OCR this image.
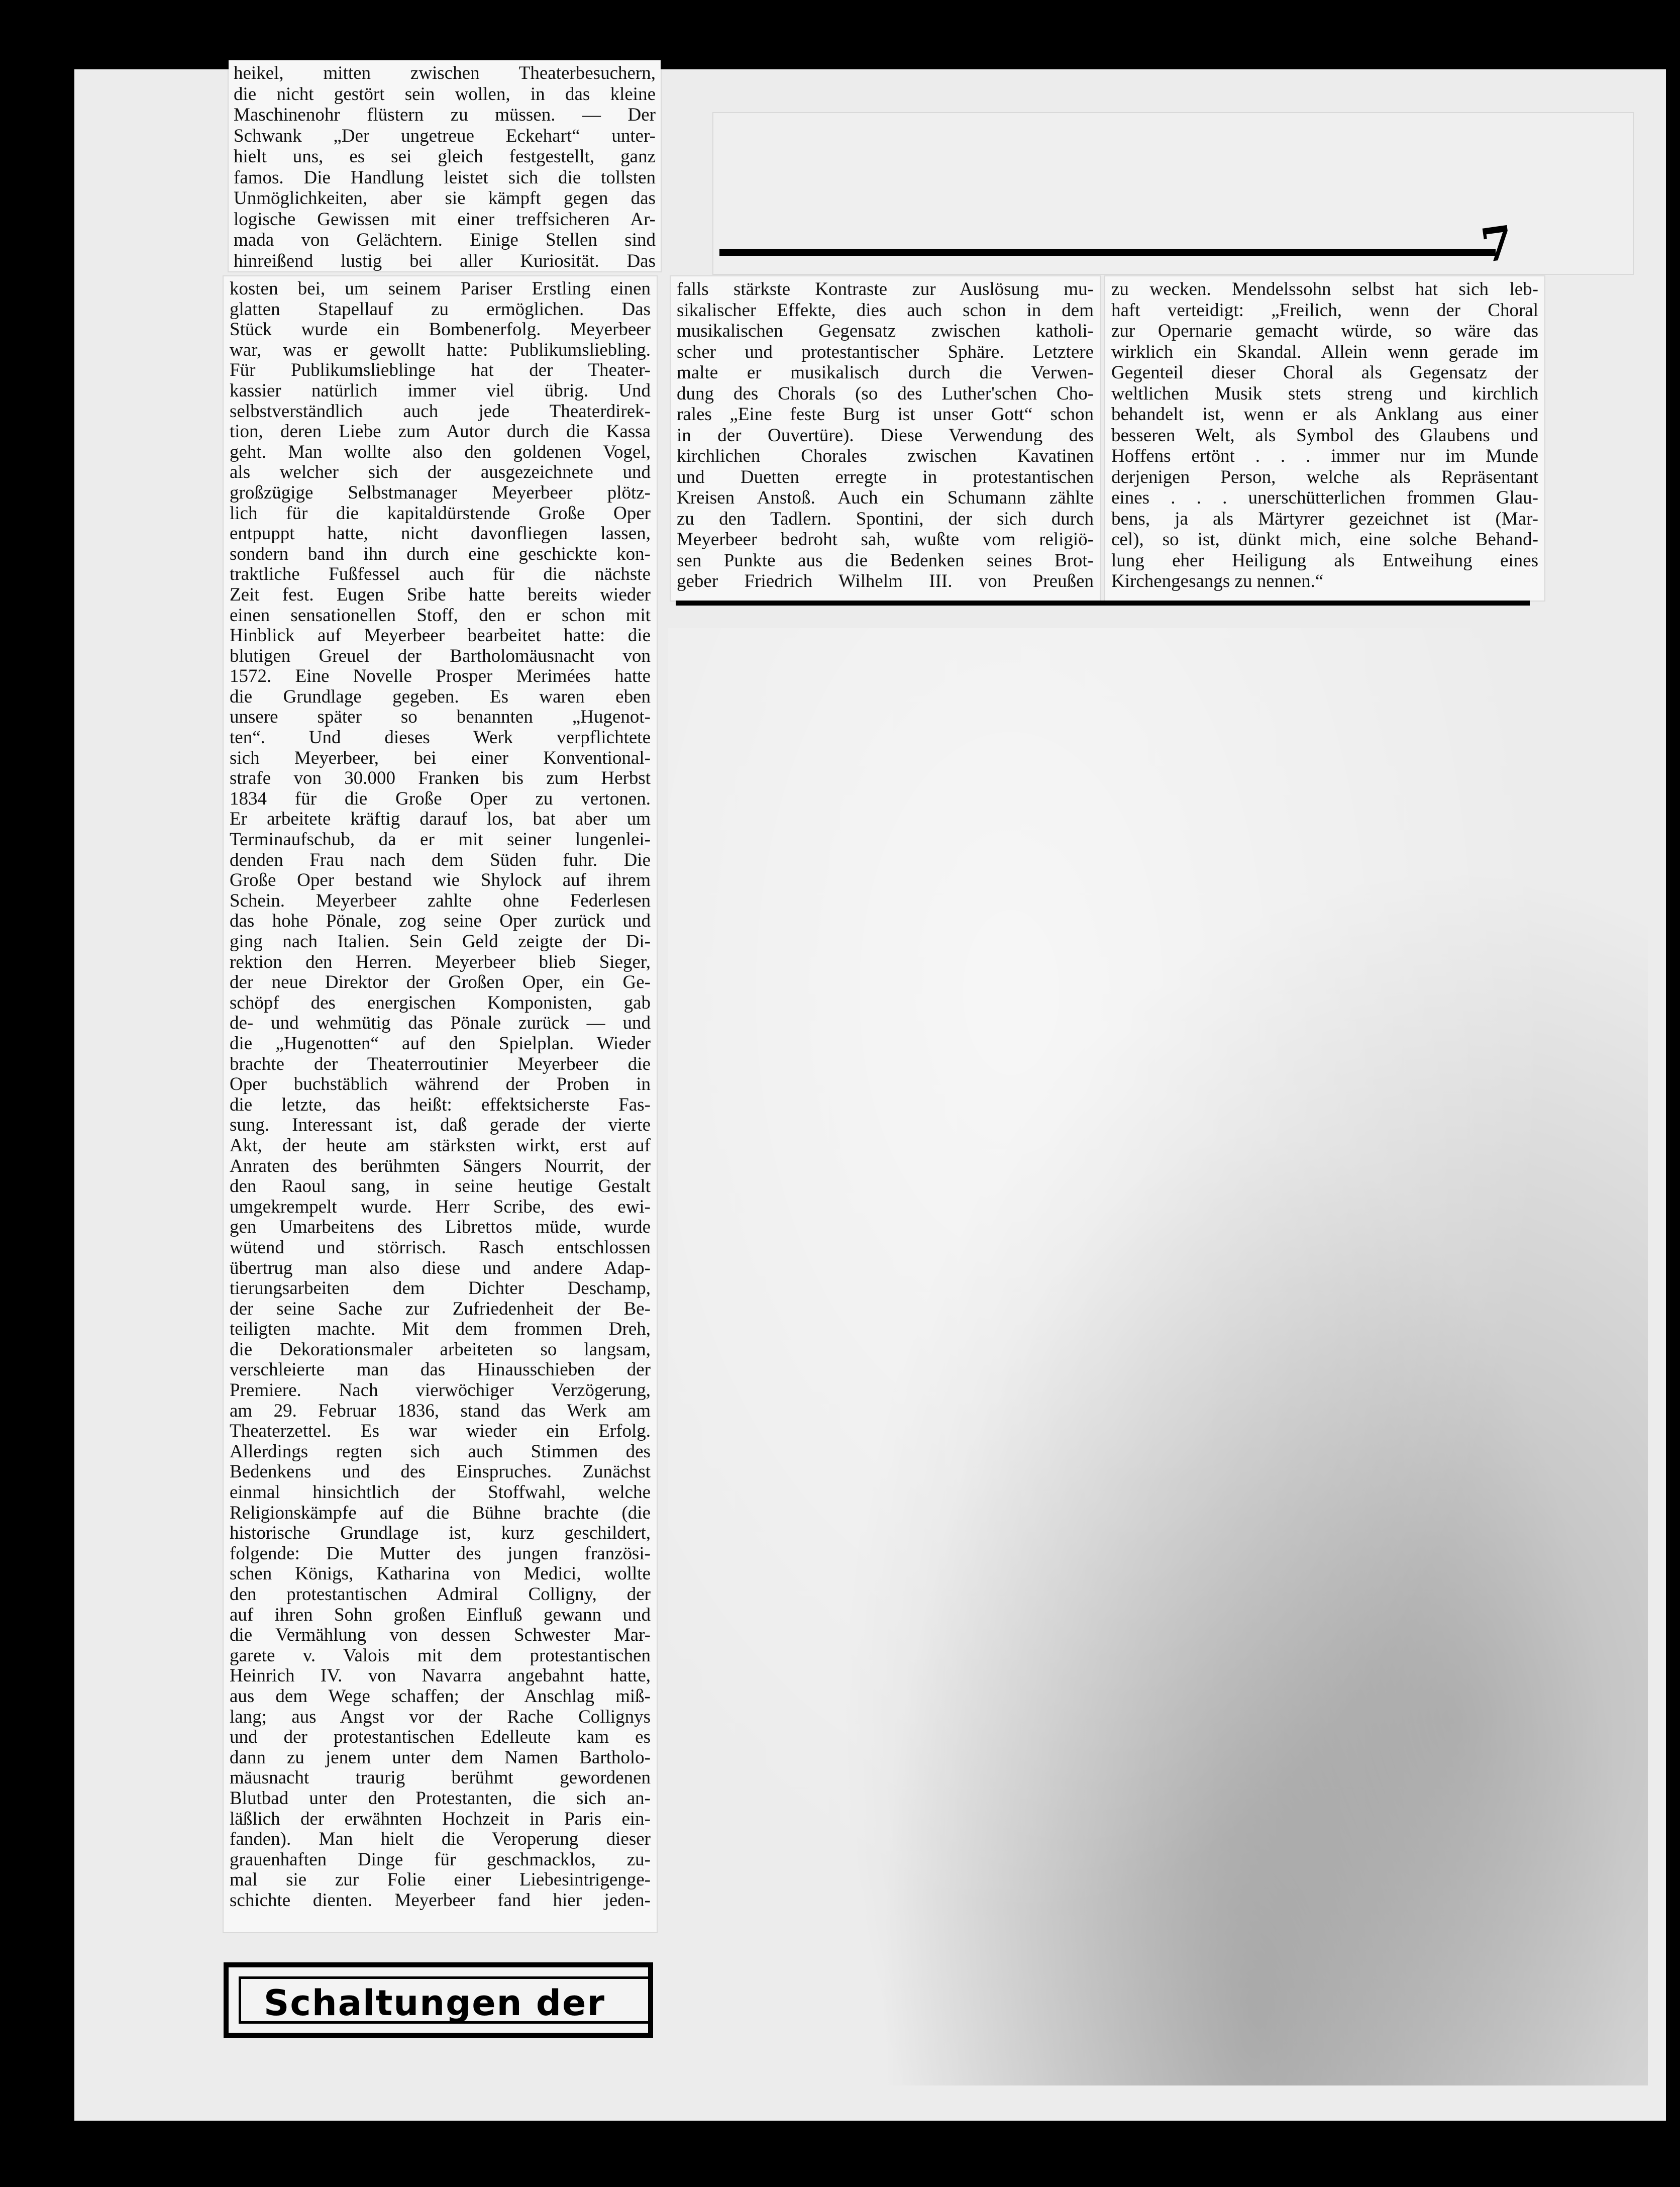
7
heikel, mitten zwischen Theaterbesuchern,
die nicht gestört sein wollen, in das kleine
Maschinenohr flüstern zu müssen. — Der
Schwank „Der ungetreue Eckehart“ unter-
hielt uns, es sei gleich festgestellt, ganz
famos. Die Handlung leistet sich die tollsten
Unmöglichkeiten, aber sie kämpft gegen das
logische Gewissen mit einer treffsicheren Ar-
mada von Gelächtern. Einige Stellen sind
hinreißend lustig bei aller Kuriosität. Das
kosten bei, um seinem Pariser Erstling einen
glatten Stapellauf zu ermöglichen. Das
Stück wurde ein Bombenerfolg. Meyerbeer
war, was er gewollt hatte: Publikumsliebling.
Für Publikumslieblinge hat der Theater-
kassier natürlich immer viel übrig. Und
selbstverständlich auch jede Theaterdirek-
tion, deren Liebe zum Autor durch die Kassa
geht. Man wollte also den goldenen Vogel,
als welcher sich der ausgezeichnete und
großzügige Selbstmanager Meyerbeer plötz-
lich für die kapitaldürstende Große Oper
entpuppt hatte, nicht davonfliegen lassen,
sondern band ihn durch eine geschickte kon-
traktliche Fußfessel auch für die nächste
Zeit fest. Eugen Sribe hatte bereits wieder
einen sensationellen Stoff, den er schon mit
Hinblick auf Meyerbeer bearbeitet hatte: die
blutigen Greuel der Bartholomäusnacht von
1572. Eine Novelle Prosper Merimées hatte
die Grundlage gegeben. Es waren eben
unsere später so benannten „Hugenot-
ten“. Und dieses Werk verpflichtete
sich Meyerbeer, bei einer Konventional-
strafe von 30.000 Franken bis zum Herbst
1834 für die Große Oper zu vertonen.
Er arbeitete kräftig darauf los, bat aber um
Terminaufschub, da er mit seiner lungenlei-
denden Frau nach dem Süden fuhr. Die
Große Oper bestand wie Shylock auf ihrem
Schein. Meyerbeer zahlte ohne Federlesen
das hohe Pönale, zog seine Oper zurück und
ging nach Italien. Sein Geld zeigte der Di-
rektion den Herren. Meyerbeer blieb Sieger,
der neue Direktor der Großen Oper, ein Ge-
schöpf des energischen Komponisten, gab
de- und wehmütig das Pönale zurück — und
die „Hugenotten“ auf den Spielplan. Wieder
brachte der Theaterroutinier Meyerbeer die
Oper buchstäblich während der Proben in
die letzte, das heißt: effektsicherste Fas-
sung. Interessant ist, daß gerade der vierte
Akt, der heute am stärksten wirkt, erst auf
Anraten des berühmten Sängers Nourrit, der
den Raoul sang, in seine heutige Gestalt
umgekrempelt wurde. Herr Scribe, des ewi-
gen Umarbeitens des Librettos müde, wurde
wütend und störrisch. Rasch entschlossen
übertrug man also diese und andere Adap-
tierungsarbeiten dem Dichter Deschamp,
der seine Sache zur Zufriedenheit der Be-
teiligten machte. Mit dem frommen Dreh,
die Dekorationsmaler arbeiteten so langsam,
verschleierte man das Hinausschieben der
Premiere. Nach vierwöchiger Verzögerung,
am 29. Februar 1836, stand das Werk am
Theaterzettel. Es war wieder ein Erfolg.
Allerdings regten sich auch Stimmen des
Bedenkens und des Einspruches. Zunächst
einmal hinsichtlich der Stoffwahl, welche
Religionskämpfe auf die Bühne brachte (die
historische Grundlage ist, kurz geschildert,
folgende: Die Mutter des jungen französi-
schen Königs, Katharina von Medici, wollte
den protestantischen Admiral Colligny, der
auf ihren Sohn großen Einfluß gewann und
die Vermählung von dessen Schwester Mar-
garete v. Valois mit dem protestantischen
Heinrich IV. von Navarra angebahnt hatte,
aus dem Wege schaffen; der Anschlag miß-
lang; aus Angst vor der Rache Collignys
und der protestantischen Edelleute kam es
dann zu jenem unter dem Namen Bartholo-
mäusnacht traurig berühmt gewordenen
Blutbad unter den Protestanten, die sich an-
läßlich der erwähnten Hochzeit in Paris ein-
fanden). Man hielt die Veroperung dieser
grauenhaften Dinge für geschmacklos, zu-
mal sie zur Folie einer Liebesintrigenge-
schichte dienten. Meyerbeer fand hier jeden-
falls stärkste Kontraste zur Auslösung mu-
sikalischer Effekte, dies auch schon in dem
musikalischen Gegensatz zwischen katholi-
scher und protestantischer Sphäre. Letztere
malte er musikalisch durch die Verwen-
dung des Chorals (so des Luther'schen Cho-
rales „Eine feste Burg ist unser Gott“ schon
in der Ouvertüre). Diese Verwendung des
kirchlichen Chorales zwischen Kavatinen
und Duetten erregte in protestantischen
Kreisen Anstoß. Auch ein Schumann zählte
zu den Tadlern. Spontini, der sich durch
Meyerbeer bedroht sah, wußte vom religiö-
sen Punkte aus die Bedenken seines Brot-
geber Friedrich Wilhelm III. von Preußen
zu wecken. Mendelssohn selbst hat sich leb-
haft verteidigt: „Freilich, wenn der Choral
zur Opernarie gemacht würde, so wäre das
wirklich ein Skandal. Allein wenn gerade im
Gegenteil dieser Choral als Gegensatz der
weltlichen Musik stets streng und kirchlich
behandelt ist, wenn er als Anklang aus einer
besseren Welt, als Symbol des Glaubens und
Hoffens ertönt . . . immer nur im Munde
derjenigen Person, welche als Repräsentant
eines . . . unerschütterlichen frommen Glau-
bens, ja als Märtyrer gezeichnet ist (Mar-
cel), so ist, dünkt mich, eine solche Behand-
lung eher Heiligung als Entweihung eines
Kirchengesangs zu nennen.“
Schaltungen der
